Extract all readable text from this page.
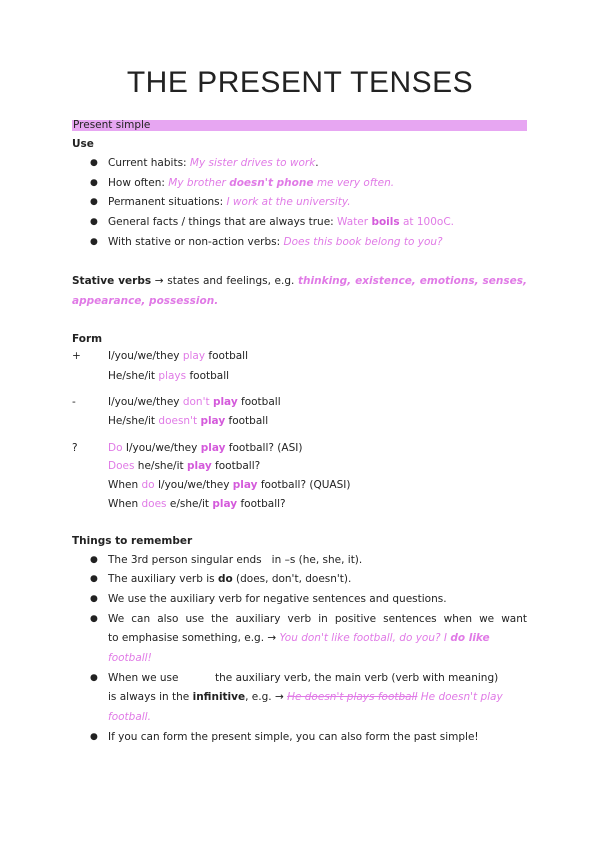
THE PRESENT TENSES
Present simple
Use
● Current habits: My sister drives to work.
● How often: My brother doesn't phone me very often.
● Permanent situations: I work at the university.
● General facts / things that are always true: Water boils at 100oC.
● With stative or non-action verbs: Does this book belong to you?
Stative verbs → states and feelings, e.g. thinking, existence, emotions, senses,
appearance, possession.
Form
+	I/you/we/they play football
He/she/it plays football
-	I/you/we/they don't play football
He/she/it doesn't play football
?	Do I/you/we/they play football? (ASI)
Does he/she/it play football?
When do I/you/we/they play football? (QUASI)
When does e/she/it play football?
Things to remember
● The 3rd person singular ends   in –s (he, she, it).
● The auxiliary verb is do (does, don't, doesn't).
● We use the auxiliary verb for negative sentences and questions.
● We can also use the auxiliary verb in positive sentences when we want
to emphasise something, e.g. → You don't like football, do you? I do like
football!
● When we use	the auxiliary verb, the main verb (verb with meaning)
is always in the infinitive, e.g. → He doesn't plays football He doesn't play
football.
● If you can form the present simple, you can also form the past simple!
